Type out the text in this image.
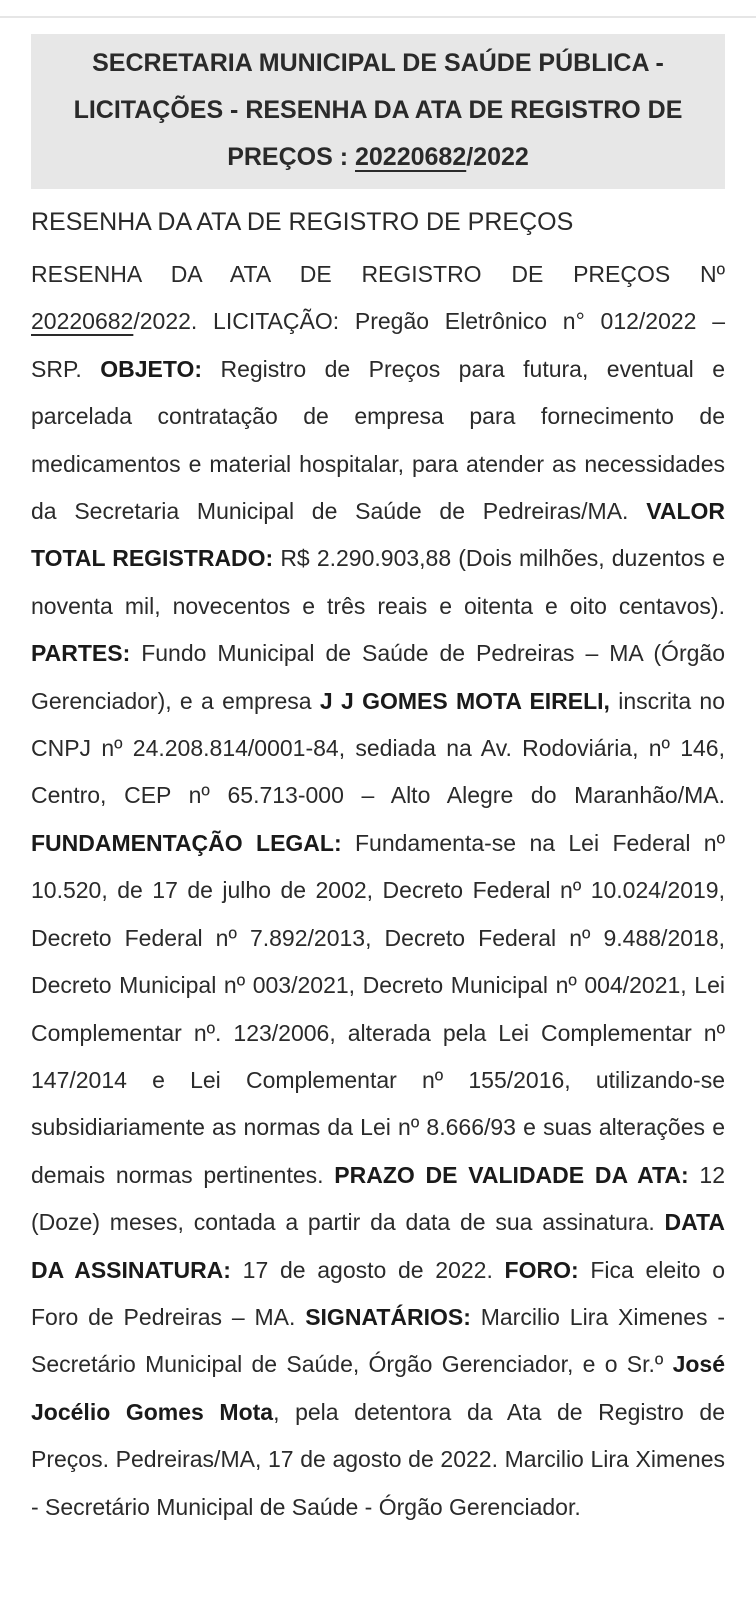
SECRETARIA MUNICIPAL DE SAÚDE PÚBLICA - LICITAÇÕES - RESENHA DA ATA DE REGISTRO DE PREÇOS : 20220682/2022
RESENHA DA ATA DE REGISTRO DE PREÇOS
RESENHA DA ATA DE REGISTRO DE PREÇOS Nº 20220682/2022. LICITAÇÃO: Pregão Eletrônico n° 012/2022 – SRP. OBJETO: Registro de Preços para futura, eventual e parcelada contratação de empresa para fornecimento de medicamentos e material hospitalar, para atender as necessidades da Secretaria Municipal de Saúde de Pedreiras/MA. VALOR TOTAL REGISTRADO: R$ 2.290.903,88 (Dois milhões, duzentos e noventa mil, novecentos e três reais e oitenta e oito centavos). PARTES: Fundo Municipal de Saúde de Pedreiras – MA (Órgão Gerenciador), e a empresa J J GOMES MOTA EIRELI, inscrita no CNPJ nº 24.208.814/0001-84, sediada na Av. Rodoviária, nº 146, Centro, CEP nº 65.713-000 – Alto Alegre do Maranhão/MA. FUNDAMENTAÇÃO LEGAL: Fundamenta-se na Lei Federal nº 10.520, de 17 de julho de 2002, Decreto Federal nº 10.024/2019, Decreto Federal nº 7.892/2013, Decreto Federal nº 9.488/2018, Decreto Municipal nº 003/2021, Decreto Municipal nº 004/2021, Lei Complementar nº. 123/2006, alterada pela Lei Complementar nº 147/2014 e Lei Complementar nº 155/2016, utilizando-se subsidiariamente as normas da Lei nº 8.666/93 e suas alterações e demais normas pertinentes. PRAZO DE VALIDADE DA ATA: 12 (Doze) meses, contada a partir da data de sua assinatura. DATA DA ASSINATURA: 17 de agosto de 2022. FORO: Fica eleito o Foro de Pedreiras – MA. SIGNATÁRIOS: Marcilio Lira Ximenes - Secretário Municipal de Saúde, Órgão Gerenciador, e o Sr.º José Jocélio Gomes Mota, pela detentora da Ata de Registro de Preços. Pedreiras/MA, 17 de agosto de 2022. Marcilio Lira Ximenes - Secretário Municipal de Saúde - Órgão Gerenciador.
